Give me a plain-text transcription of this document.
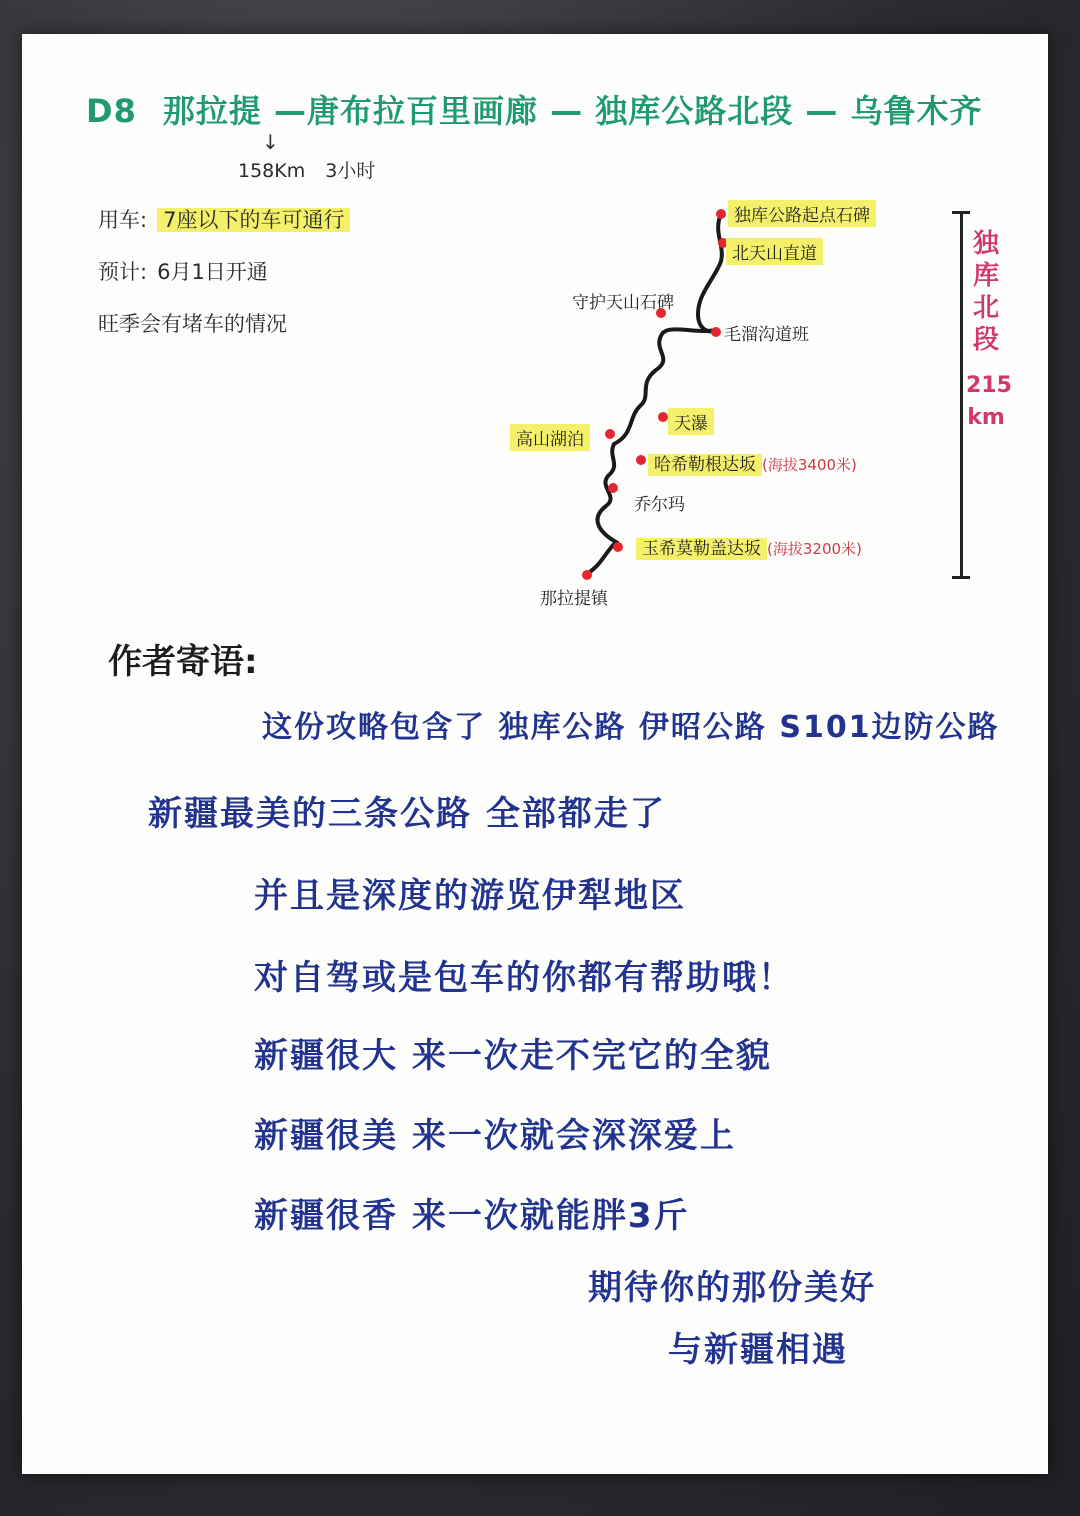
D8 那拉提 —唐布拉百里画廊 — 独库公路北段 — 乌鲁木齐
↓
158Km 3小时
用车: 7座以下的车可通行
预计: 6月1日开通
旺季会有堵车的情况
独库公路起点石碑
北天山直道
守护天山石碑
毛溜沟道班
天瀑
高山湖泊
哈希勒根达坂 (海拔3400米)
乔尔玛
玉希莫勒盖达坂 (海拔3200米)
那拉提镇
独
库
北
段
215
km
作者寄语:
这份攻略包含了 独库公路 伊昭公路 S101边防公路
新疆最美的三条公路 全部都走了
并且是深度的游览伊犁地区
对自驾或是包车的你都有帮助哦！
新疆很大 来一次走不完它的全貌
新疆很美 来一次就会深深爱上
新疆很香 来一次就能胖3斤
期待你的那份美好
与新疆相遇
